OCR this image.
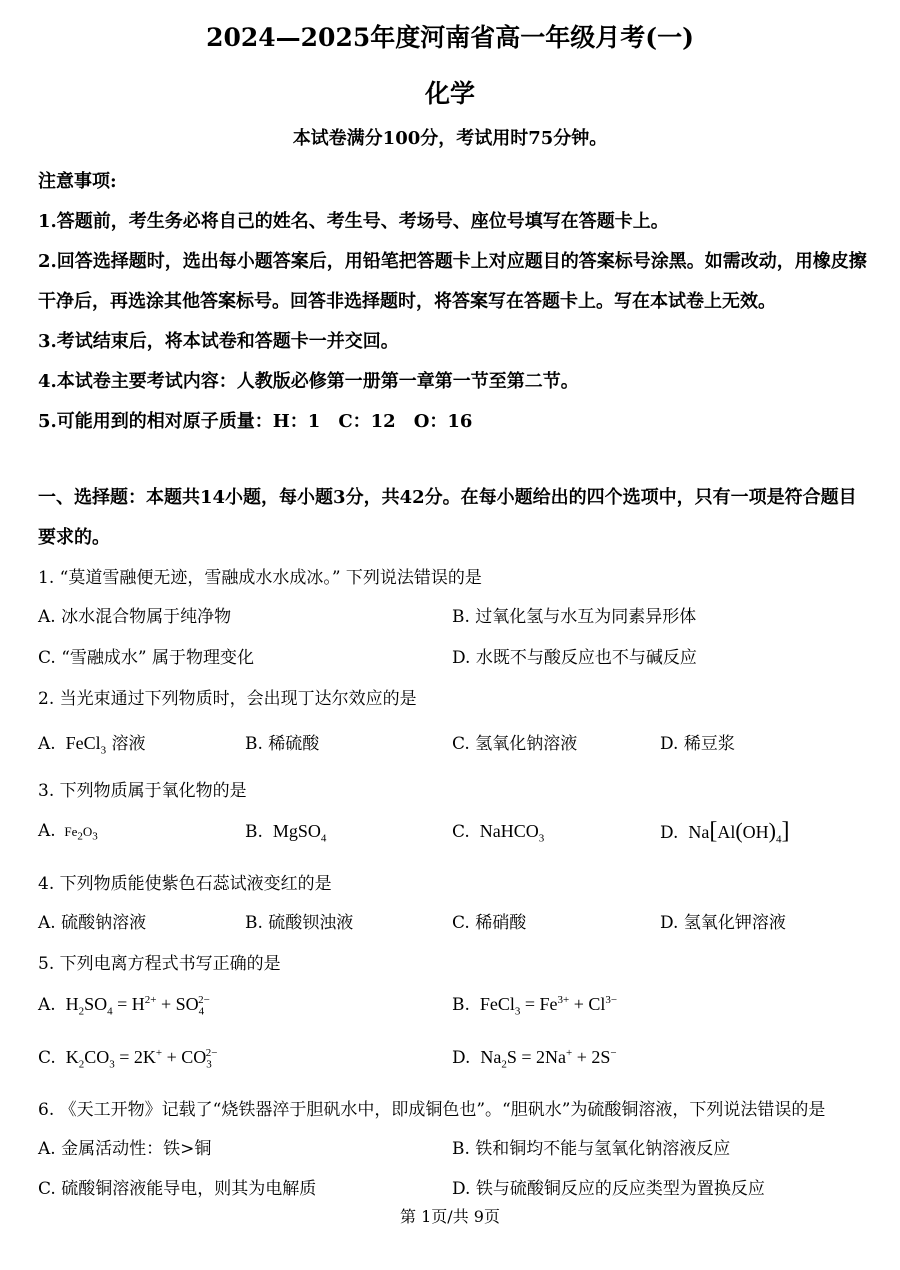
2024—2025年度河南省高一年级月考(一)
化学
本试卷满分100分，考试用时75分钟。
注意事项:
1.答题前，考生务必将自己的姓名、考生号、考场号、座位号填写在答题卡上。
2.回答选择题时，选出每小题答案后，用铅笔把答题卡上对应题目的答案标号涂黑。如需改动，用橡皮擦干净后，再选涂其他答案标号。回答非选择题时，将答案写在答题卡上。写在本试卷上无效。
3.考试结束后，将本试卷和答题卡一并交回。
4.本试卷主要考试内容：人教版必修第一册第一章第一节至第二节。
5.可能用到的相对原子质量：H：1　C：12　O：16
一、选择题：本题共14小题，每小题3分，共42分。在每小题给出的四个选项中，只有一项是符合题目要求的。
1. “莫道雪融便无迹，雪融成水水成冰。” 下列说法错误的是
A. 冰水混合物属于纯净物	B. 过氧化氢与水互为同素异形体
C. “雪融成水” 属于物理变化	D. 水既不与酸反应也不与碱反应
2. 当光束通过下列物质时，会出现丁达尔效应的是
A.  FeCl$_3$ 溶液	B. 稀硫酸	C. 氢氧化钠溶液	D. 稀豆浆
3. 下列物质属于氧化物的是
A.  $Fe_2O_3$	B.  MgSO$_4$	C.  NaHCO$_3$	D.  $Na[Al(OH)_4]$
4. 下列物质能使紫色石蕊试液变红的是
A. 硫酸钠溶液	B. 硫酸钡浊液	C. 稀硝酸	D. 氢氧化钾溶液
5. 下列电离方程式书写正确的是
A.  $H_2SO_4 = H^{2+} + SO_4^{2-}$	B.  FeCl$_3$ = $Fe^{3+} + Cl^{3-}$
C.  $K_2CO_3 = 2K^+ + CO_3^{2-}$	D.  $Na_2S = 2Na^+ + 2S^-$
6. 《天工开物》记载了“烧铁器淬于胆矾水中，即成铜色也”。“胆矾水”为硫酸铜溶液，下列说法错误的是
A. 金属活动性：铁>铜	B. 铁和铜均不能与氢氧化钠溶液反应
C. 硫酸铜溶液能导电，则其为电解质	D. 铁与硫酸铜反应的反应类型为置换反应
第 1页/共 9页
